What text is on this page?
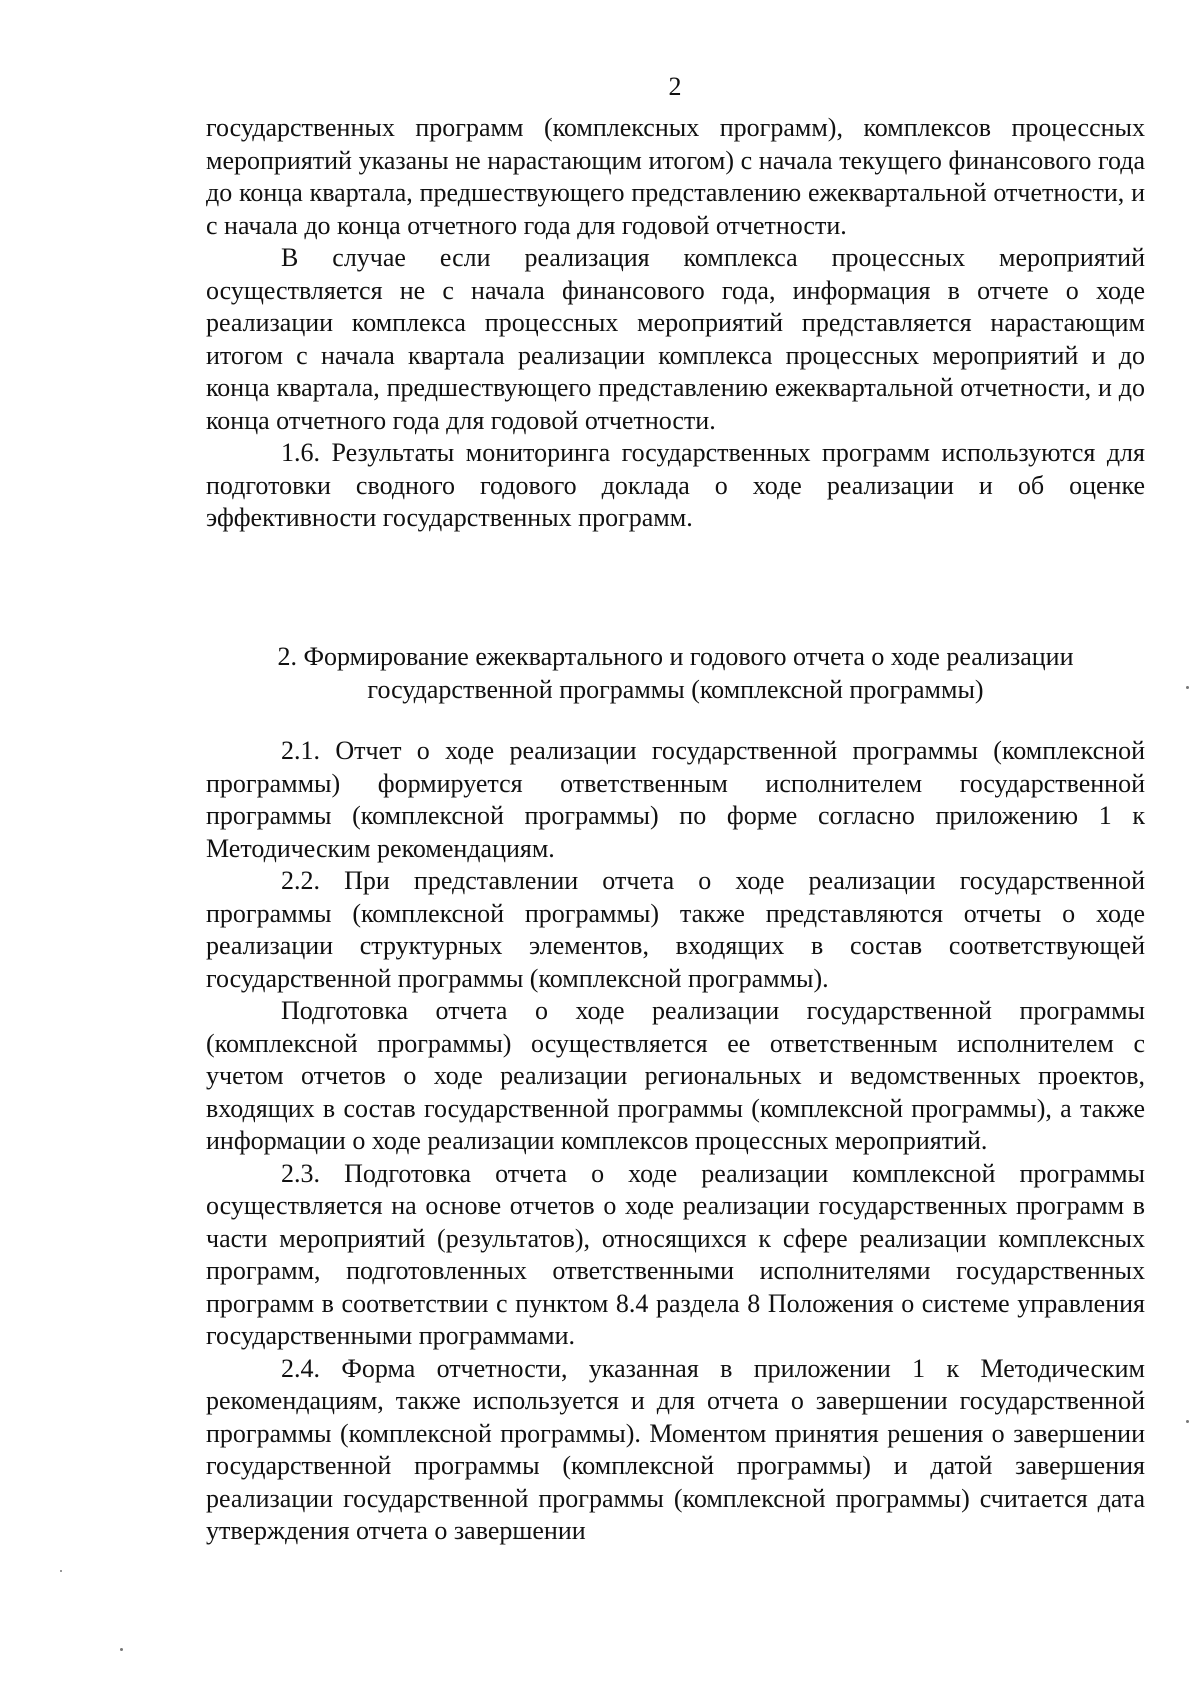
2

государственных программ (комплексных программ), комплексов процессных мероприятий указаны не нарастающим итогом) с начала текущего финансового года до конца квартала, предшествующего представлению ежеквартальной отчетности, и с начала до конца отчетного года для годовой отчетности.

В случае если реализация комплекса процессных мероприятий осуществляется не с начала финансового года, информация в отчете о ходе реализации комплекса процессных мероприятий представляется нарастающим итогом с начала квартала реализации комплекса процессных мероприятий и до конца квартала, предшествующего представлению ежеквартальной отчетности, и до конца отчетного года для годовой отчетности.

1.6. Результаты мониторинга государственных программ используются для подготовки сводного годового доклада о ходе реализации и об оценке эффективности государственных программ.

2. Формирование ежеквартального и годового отчета о ходе реализации

государственной программы (комплексной программы)

2.1. Отчет о ходе реализации государственной программы (комплексной программы) формируется ответственным исполнителем государственной программы (комплексной программы) по форме согласно приложению 1 к Методическим рекомендациям.

2.2. При представлении отчета о ходе реализации государственной программы (комплексной программы) также представляются отчеты о ходе реализации структурных элементов, входящих в состав соответствующей государственной программы (комплексной программы).

Подготовка отчета о ходе реализации государственной программы (комплексной программы) осуществляется ее ответственным исполнителем с учетом отчетов о ходе реализации региональных и ведомственных проектов, входящих в состав государственной программы (комплексной программы), а также информации о ходе реализации комплексов процессных мероприятий.

2.3. Подготовка отчета о ходе реализации комплексной программы осуществляется на основе отчетов о ходе реализации государственных программ в части мероприятий (результатов), относящихся к сфере реализации комплексных программ, подготовленных ответственными исполнителями государственных программ в соответствии с пунктом 8.4 раздела 8 Положения о системе управления государственными программами.

2.4. Форма отчетности, указанная в приложении 1 к Методическим рекомендациям, также используется и для отчета о завершении государственной программы (комплексной программы). Моментом принятия решения о завершении государственной программы (комплексной программы) и датой завершения реализации государственной программы (комплексной программы) считается дата утверждения отчета о завершении
